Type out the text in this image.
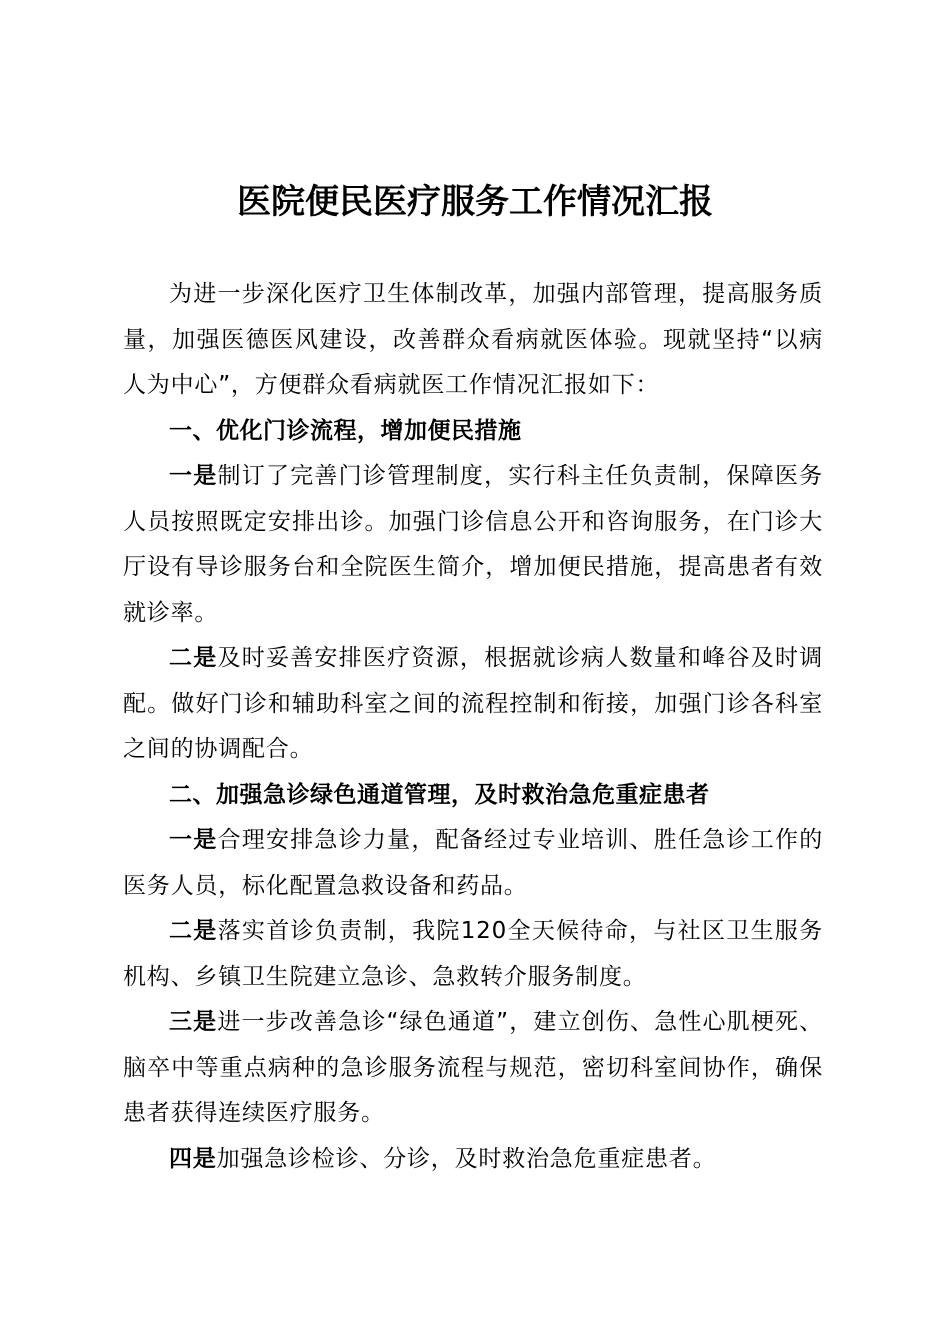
医院便民医疗服务工作情况汇报

为进一步深化医疗卫生体制改革，加强内部管理，提高服务质量，加强医德医风建设，改善群众看病就医体验。现就坚持“以病人为中心”，方便群众看病就医工作情况汇报如下：

一、优化门诊流程，增加便民措施

一是制订了完善门诊管理制度，实行科主任负责制，保障医务人员按照既定安排出诊。加强门诊信息公开和咨询服务，在门诊大厅设有导诊服务台和全院医生简介，增加便民措施，提高患者有效就诊率。

二是及时妥善安排医疗资源，根据就诊病人数量和峰谷及时调配。做好门诊和辅助科室之间的流程控制和衔接，加强门诊各科室之间的协调配合。

二、加强急诊绿色通道管理，及时救治急危重症患者

一是合理安排急诊力量，配备经过专业培训、胜任急诊工作的医务人员，标化配置急救设备和药品。

二是落实首诊负责制，我院120全天候待命，与社区卫生服务机构、乡镇卫生院建立急诊、急救转介服务制度。

三是进一步改善急诊“绿色通道”，建立创伤、急性心肌梗死、脑卒中等重点病种的急诊服务流程与规范，密切科室间协作，确保患者获得连续医疗服务。

四是加强急诊检诊、分诊，及时救治急危重症患者。
